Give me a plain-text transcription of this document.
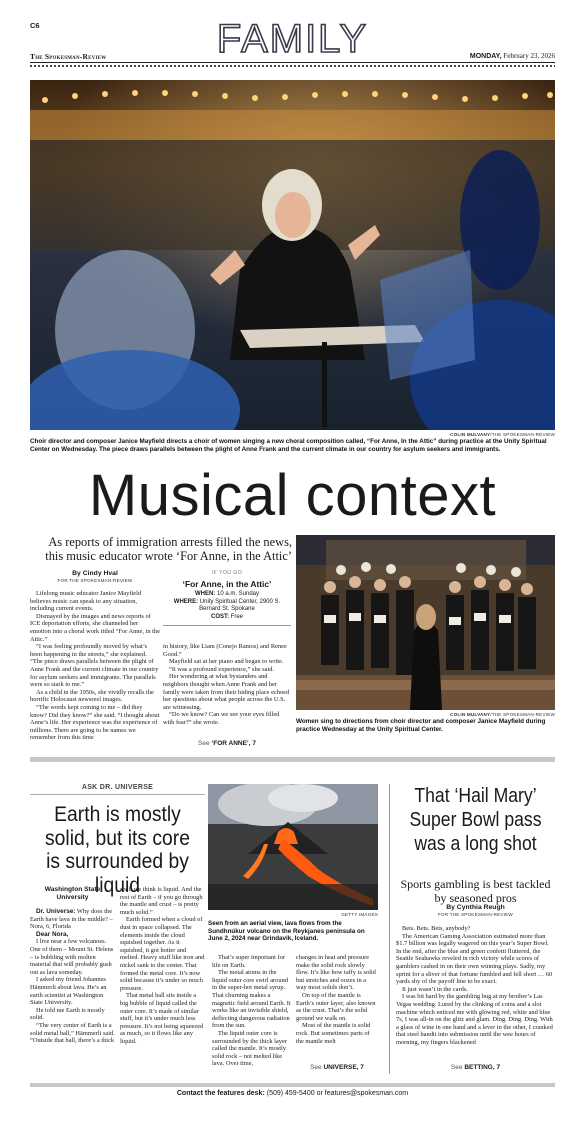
C6	FAMILY
The Spokesman-Review	MONDAY, February 23, 2026
COLIN MULVANY/THE SPOKESMAN-REVIEW
Choir director and composer Janice Mayfield directs a choir of women singing a new choral composition called, “For Anne, In the Attic” during practice at the Unity Spiritual Center on Wednesday. The piece draws parallels between the plight of Anne Frank and the current climate in our country for asylum seekers and immigrants.
Musical context
As reports of immigration arrests filled the news, this music educator wrote ‘For Anne, in the Attic’
By Cindy Hval
FOR THE SPOKESMAN-REVIEW

Lifelong music educator Janice Mayfield believes music can speak to any situation, including current events.

Dismayed by the images and news reports of ICE deportation efforts, she channeled her emotion into a choral work titled “For Anne, in the Attic.”

“I was feeling profoundly moved by what’s been happening in the streets,” she explained. “The piece draws parallels between the plight of Anne Frank and the current climate in our country for asylum seekers and immigrants. The parallels were so stark to me.”

As a child in the 1950s, she vividly recalls the horrific Holocaust newsreel images.

“The words kept coming to me – did they know? Did they know?” she said. “I thought about Anne’s life. Her experience was the experience of millions. There are going to be names we remember from this time

IF YOU GO
‘For Anne, in the Attic’
WHEN: 10 a.m. Sunday
WHERE: Unity Spiritual Center, 2900 S. Bernard St. Spokane
COST: Free

in history, like Liam (Conejo Ramos) and Renee Good.”

Mayfield sat at her piano and began to write.

“It was a profound experience,” she said.

Her wondering at what bystanders and neighbors thought when Anne Frank and her family were taken from their hiding place echoed her questions about what people across the U.S. are witnessing.

“Do we know? Can we see your eyes filled with fear?” she wrote.

See ‘FOR ANNE’, 7
COLIN MULVANY/THE SPOKESMAN-REVIEW
Women sing to directions from choir director and composer Janice Mayfield during practice Wednesday at the Unity Spiritual Center.
ASK DR. UNIVERSE
Earth is mostly solid, but its core is surrounded by liquid
Washington State University

Dr. Universe: Why does the Earth have lava in the middle? – Nora, 6, Florida

Dear Nora,

I live near a few volcanoes. One of them – Mount St. Helens – is bubbling with molten material that will probably gush out as lava someday.

I asked my friend Johannes Hämmerli about lava. He’s an earth scientist at Washington State University.

He told me Earth is mostly solid.

“The very center of Earth is a solid metal ball,” Hämmerli said. “Outside that ball, there’s a thick

shell we think is liquid. And the rest of Earth – if you go through the mantle and crust – is pretty much solid.”

Earth formed when a cloud of dust in space collapsed. The elements inside the cloud squished together. As it squished, it got hotter and melted. Heavy stuff like iron and nickel sank to the center. That formed the metal core. It’s now solid because it’s under so much pressure.

That metal ball sits inside a big bubble of liquid called the outer core. It’s made of similar stuff, but it’s under much less pressure. It’s not being squeezed as much, so it flows like any liquid.

GETTY IMAGES
Seen from an aerial view, lava flows from the Sundhnúkur volcano on the Reykjanes peninsula on June 2, 2024 near Grindavik, Iceland.

That’s super important for life on Earth.

The metal atoms in the liquid outer core swirl around in the super-hot metal syrup. That churning makes a magnetic field around Earth. It works like an invisible shield, deflecting dangerous radiation from the sun.

The liquid outer core is surrounded by the thick layer called the mantle. It’s mostly solid rock – not melted like lava. Over time,

changes in heat and pressure make the solid rock slowly flow. It’s like how taffy is solid but stretches and oozes in a way most solids don’t.

On top of the mantle is Earth’s outer layer, also known as the crust. That’s the solid ground we walk on.

Most of the mantle is solid rock. But sometimes parts of the mantle melt

See UNIVERSE, 7
That ‘Hail Mary’ Super Bowl pass was a long shot
Sports gambling is best tackled by seasoned pros
By Cynthia Reugh
FOR THE SPOKESMAN-REVIEW

Bets. Bets. Bets, anybody?

The American Gaming Association estimated more than $1.7 billion was legally wagered on this year’s Super Bowl. In the end, after the blue and green confetti fluttered, the Seattle Seahawks reveled in rich victory while scores of gamblers cashed in on their own winning plays. Sadly, my sprint for a sliver of that fortune fumbled and fell short … 60 yards shy of the payoff line to be exact.

It just wasn’t in the cards.

I was bit hard by the gambling bug at my brother’s Las Vegas wedding. Lured by the clinking of coins and a slot machine which enticed me with glowing red, white and blue 7s, I was all-in on the glitz and glam. Ding. Ding. Ding. With a glass of wine in one hand and a lever in the other, I cranked that steel bandit into submission until the wee hours of morning, my fingers blackened

See BETTING, 7
Contact the features desk: (509) 459-5400 or features@spokesman.com
